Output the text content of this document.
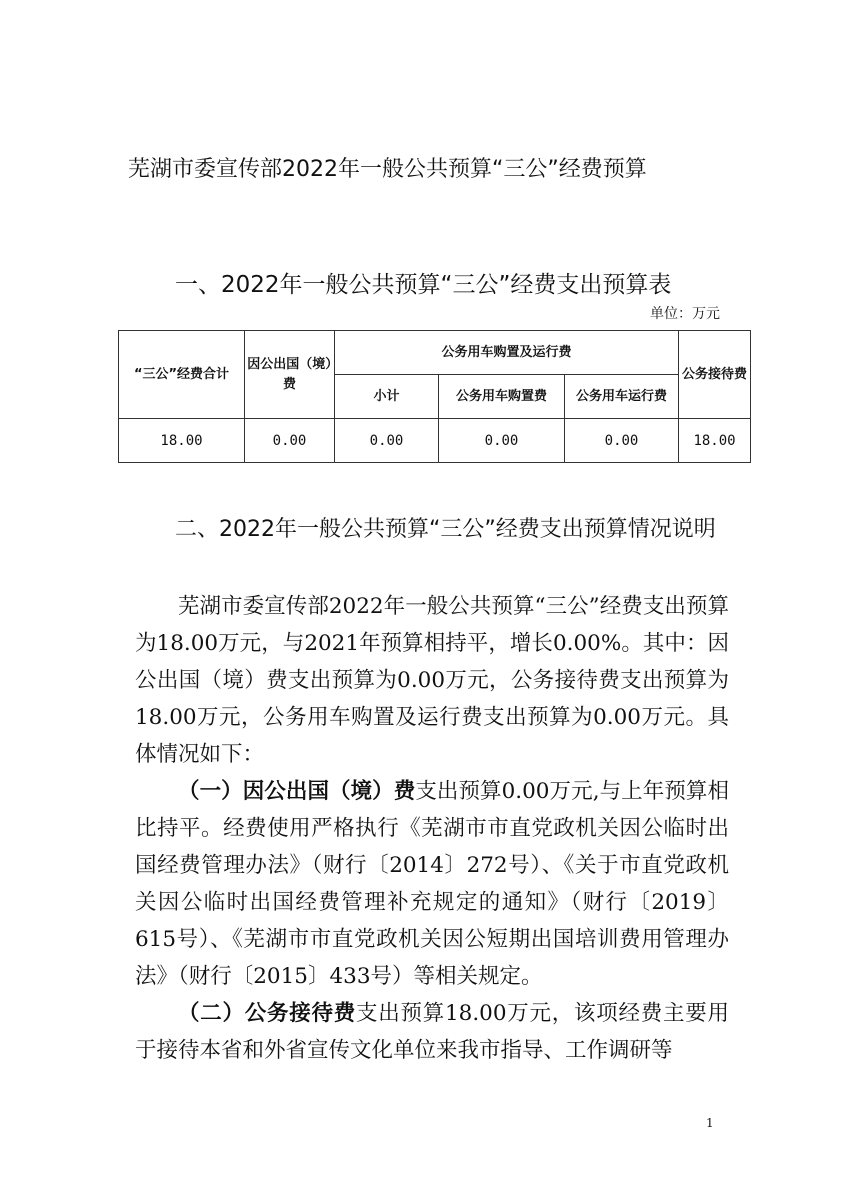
芜湖市委宣传部2022年一般公共预算“三公”经费预算
一、2022年一般公共预算“三公”经费支出预算表
单位：万元
“三公”经费合计	因公出国（境）费	公务用车购置及运行费			公务接待费
		小计	公务用车购置费	公务用车运行费	
18.00	0.00	0.00	0.00	0.00	18.00
二、2022年一般公共预算“三公”经费支出预算情况说明

芜湖市委宣传部2022年一般公共预算“三公”经费支出预算为18.00万元，与2021年预算相持平，增长0.00%。其中：因公出国（境）费支出预算为0.00万元，公务接待费支出预算为18.00万元，公务用车购置及运行费支出预算为0.00万元。具体情况如下：

（一）因公出国（境）费支出预算0.00万元,与上年预算相比持平。经费使用严格执行《芜湖市市直党政机关因公临时出国经费管理办法》（财行〔2014〕272号）、《关于市直党政机关因公临时出国经费管理补充规定的通知》（财行〔2019〕615号）、《芜湖市市直党政机关因公短期出国培训费用管理办法》（财行〔2015〕433号）等相关规定。

（二）公务接待费支出预算18.00万元，该项经费主要用于接待本省和外省宣传文化单位来我市指导、工作调研等

1
